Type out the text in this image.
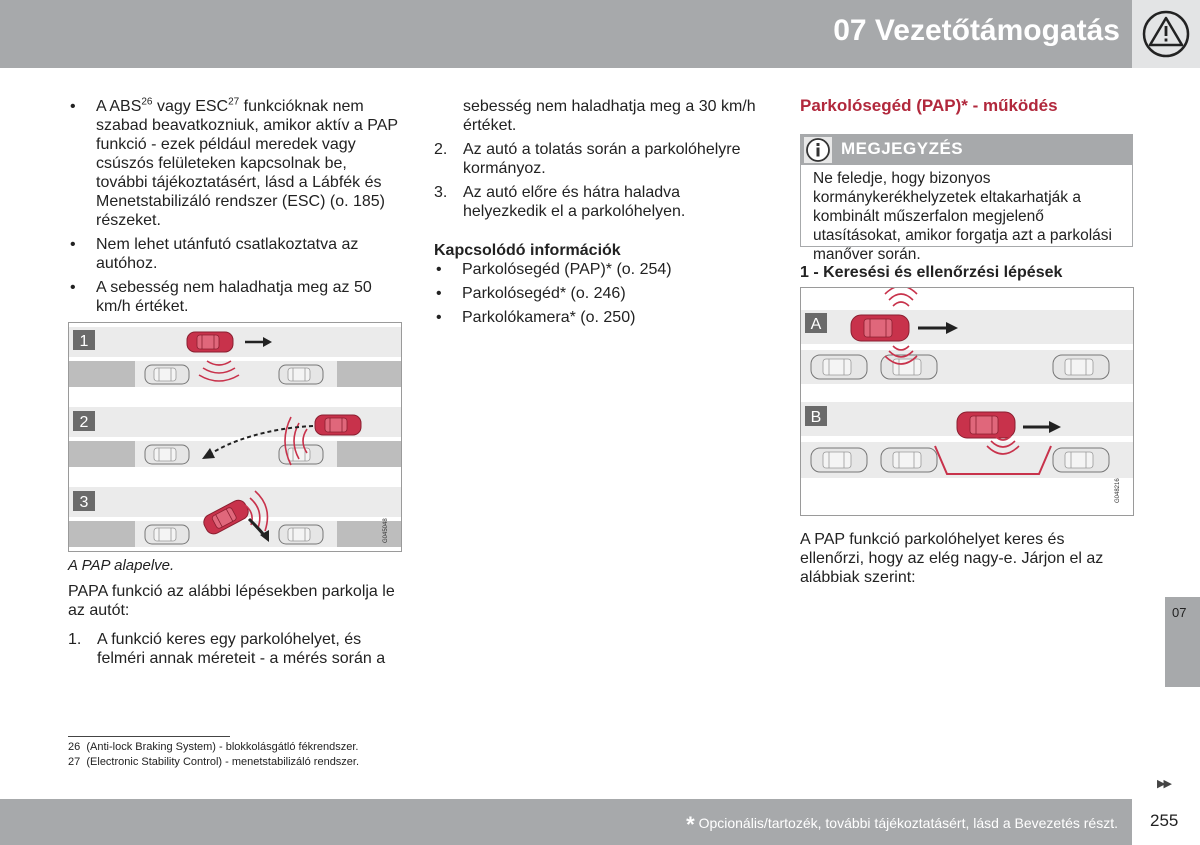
07 Vezetőtámogatás
• A ABS$^{26}$ vagy ESC$^{27}$ funkcióknak nem szabad beavatkozniuk, amikor aktív a PAP funkció - ezek például meredek vagy csúszós felületeken kapcsolnak be, további tájékoztatásért, lásd a Lábfék és Menetstabilizáló rendszer (ESC) (o. 185) részeket.
• Nem lehet utánfutó csatlakoztatva az autóhoz.
• A sebesség nem haladhatja meg az 50 km/h értéket.
1
2
3
G045048
A PAP alapelve.

PAPA funkció az alábbi lépésekben parkolja le az autót:

1. A funkció keres egy parkolóhelyet, és felméri annak méreteit - a mérés során a

sebesség nem haladhatja meg a 30 km/h értéket.

2. Az autó a tolatás során a parkolóhelyre kormányoz.
3. Az autó előre és hátra haladva helyezkedik el a parkolóhelyen.
Kapcsolódó információk
• Parkolósegéd (PAP)* (o. 254)
• Parkolósegéd* (o. 246)
• Parkolókamera* (o. 250)
Parkolósegéd (PAP)* - működés
MEGJEGYZÉS
Ne feledje, hogy bizonyos kormánykerékhelyzetek eltakarhatják a kombinált műszerfalon megjelenő utasításokat, amikor forgatja azt a parkolási manőver során.
1 - Keresési és ellenőrzési lépések
A
B
G048216
A PAP funkció parkolóhelyet keres és ellenőrzi, hogy az elég nagy-e. Járjon el az alábbiak szerint:
26 (Anti-lock Braking System) - blokkolásgátló fékrendszer.
27 (Electronic Stability Control) - menetstabilizáló rendszer.
07
▶▶
* Opcionális/tartozék, további tájékoztatásért, lásd a Bevezetés részt. 255
